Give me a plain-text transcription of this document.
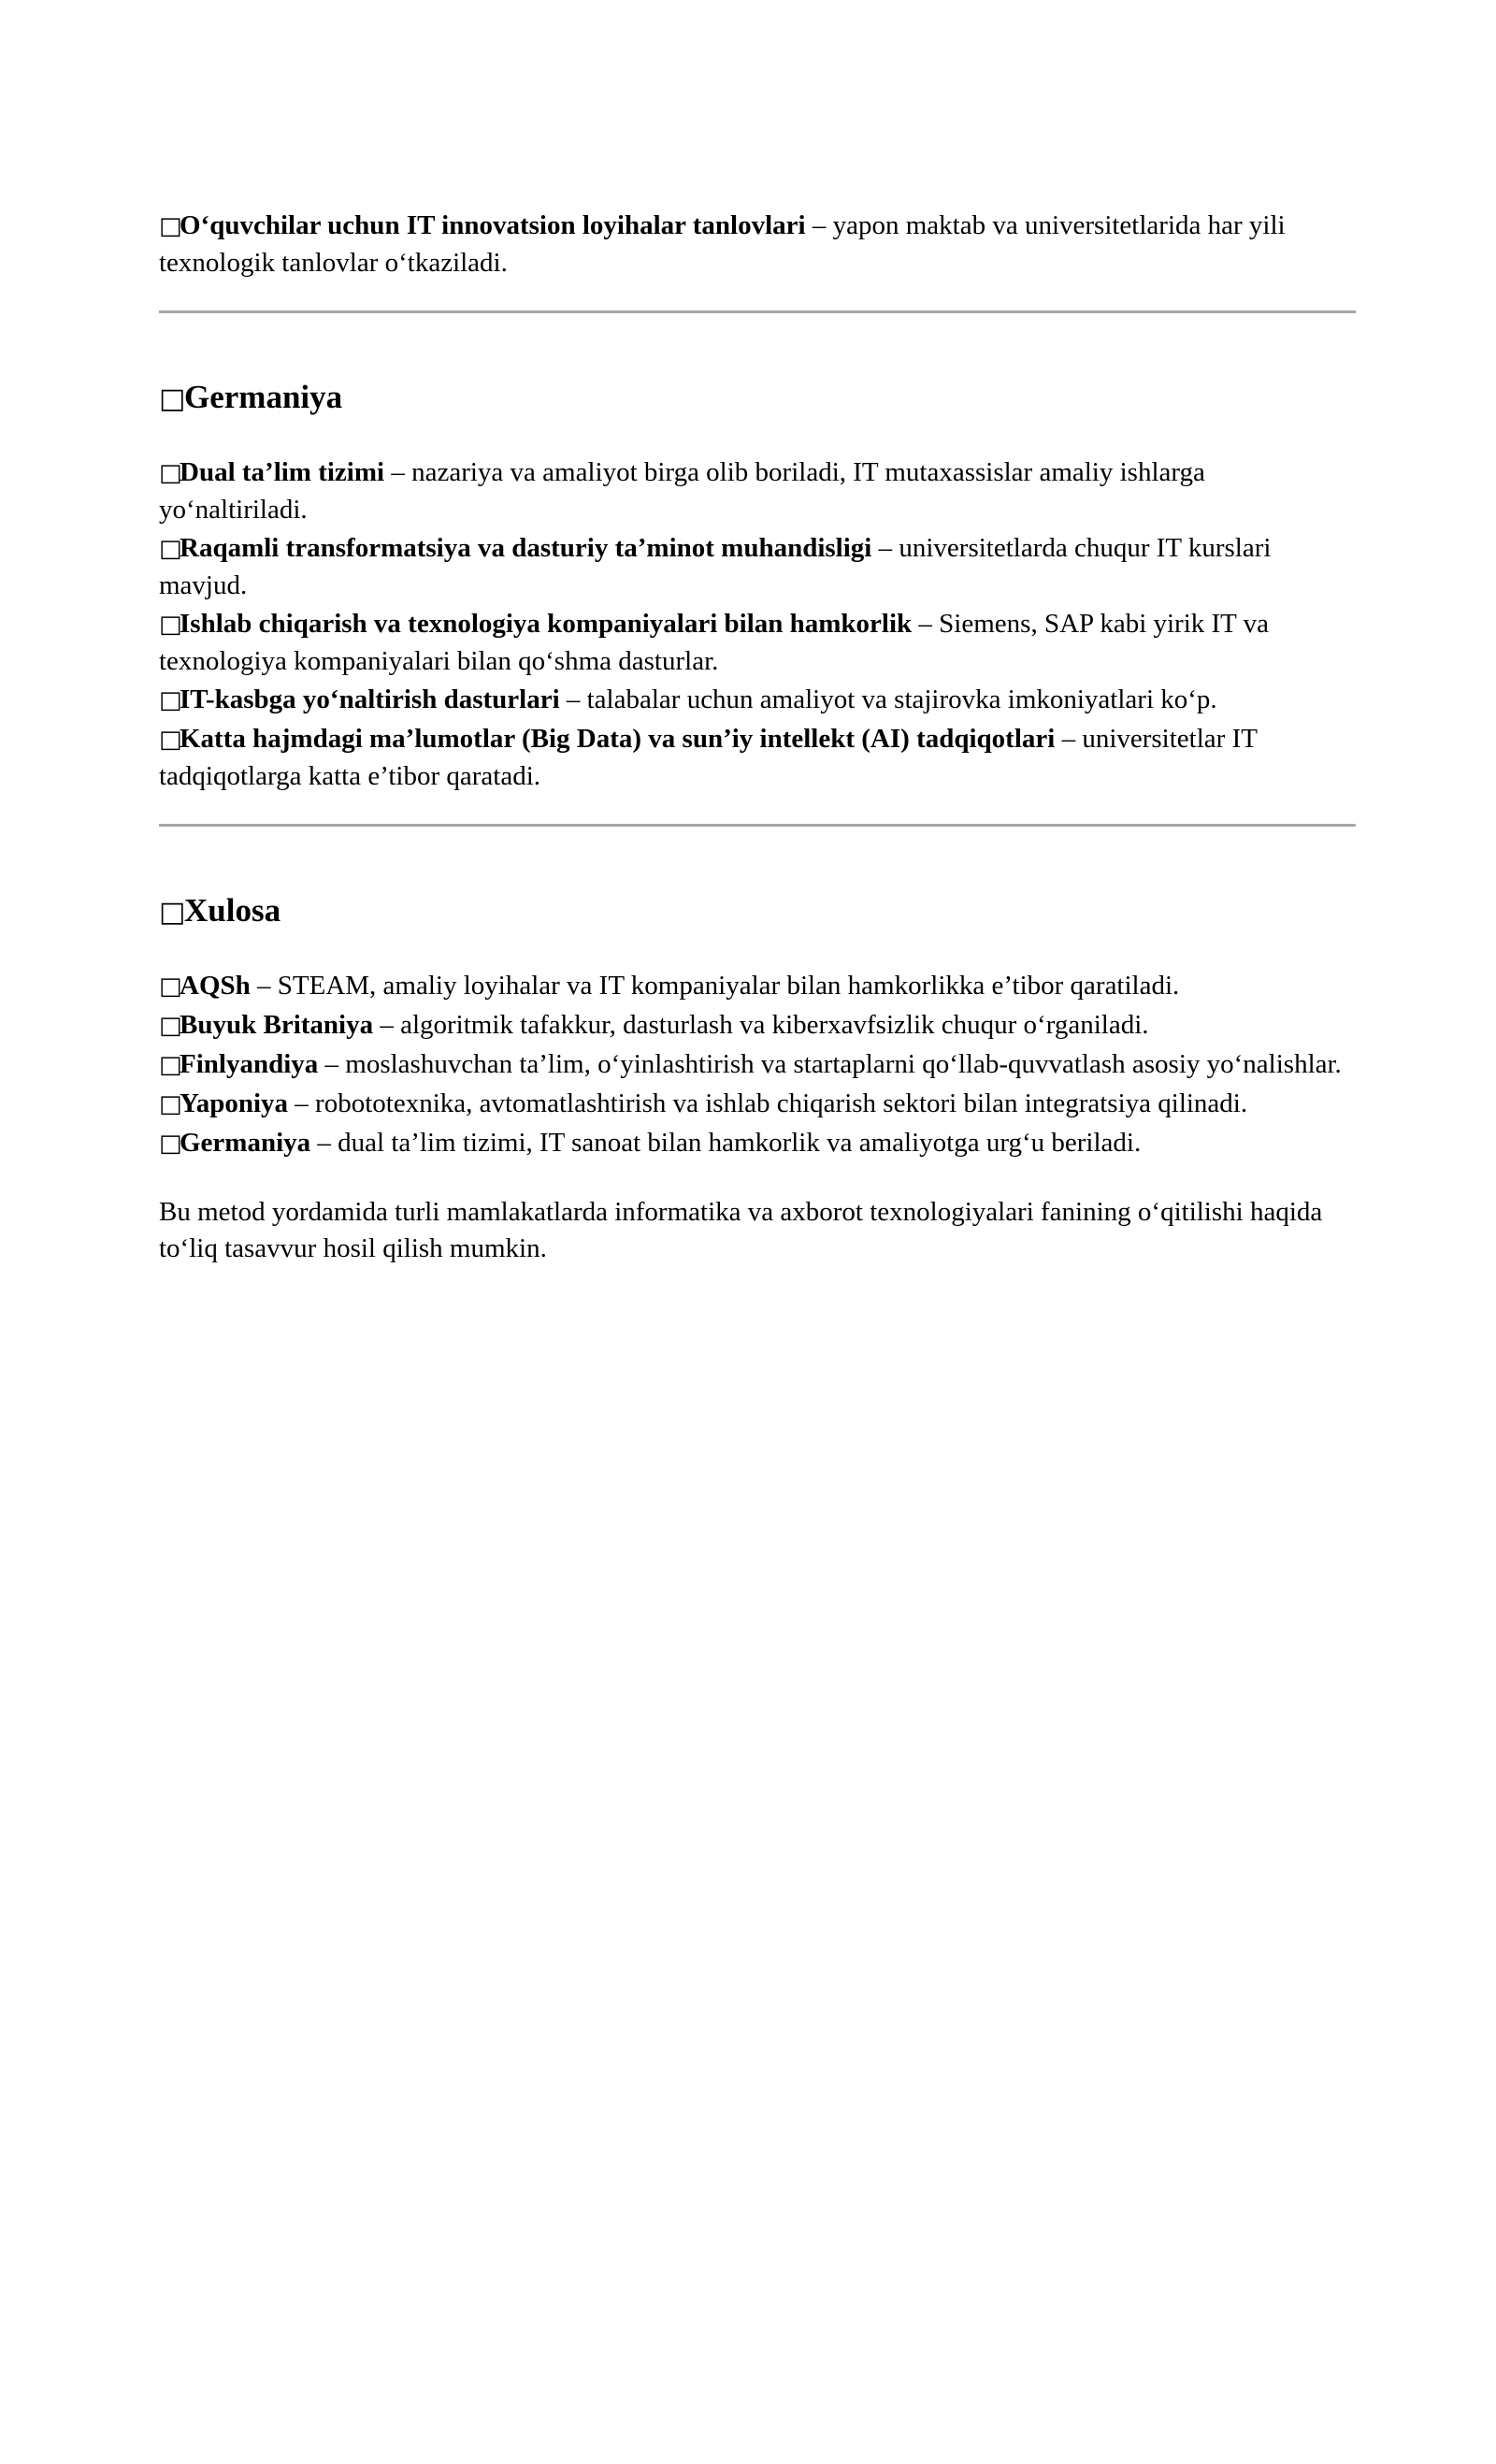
□O‘quvchilar uchun IT innovatsion loyihalar tanlovlari – yapon maktab va universitetlarida har yili texnologik tanlovlar o‘tkaziladi.

□Germaniya

□Dual ta’lim tizimi – nazariya va amaliyot birga olib boriladi, IT mutaxassislar amaliy ishlarga yo‘naltiriladi.

□Raqamli transformatsiya va dasturiy ta’minot muhandisligi – universitetlarda chuqur IT kurslari mavjud.

□Ishlab chiqarish va texnologiya kompaniyalari bilan hamkorlik – Siemens, SAP kabi yirik IT va texnologiya kompaniyalari bilan qo‘shma dasturlar.

□IT-kasbga yo‘naltirish dasturlari – talabalar uchun amaliyot va stajirovka imkoniyatlari ko‘p.

□Katta hajmdagi ma’lumotlar (Big Data) va sun’iy intellekt (AI) tadqiqotlari – universitetlar IT tadqiqotlarga katta e’tibor qaratadi.

□Xulosa

□AQSh – STEAM, amaliy loyihalar va IT kompaniyalar bilan hamkorlikka e’tibor qaratiladi.

□Buyuk Britaniya – algoritmik tafakkur, dasturlash va kiberxavfsizlik chuqur o‘rganiladi.

□Finlyandiya – moslashuvchan ta’lim, o‘yinlashtirish va startaplarni qo‘llab-quvvatlash asosiy yo‘nalishlar.

□Yaponiya – robototexnika, avtomatlashtirish va ishlab chiqarish sektori bilan integratsiya qilinadi.

□Germaniya – dual ta’lim tizimi, IT sanoat bilan hamkorlik va amaliyotga urg‘u beriladi.

Bu metod yordamida turli mamlakatlarda informatika va axborot texnologiyalari fanining o‘qitilishi haqida to‘liq tasavvur hosil qilish mumkin.
